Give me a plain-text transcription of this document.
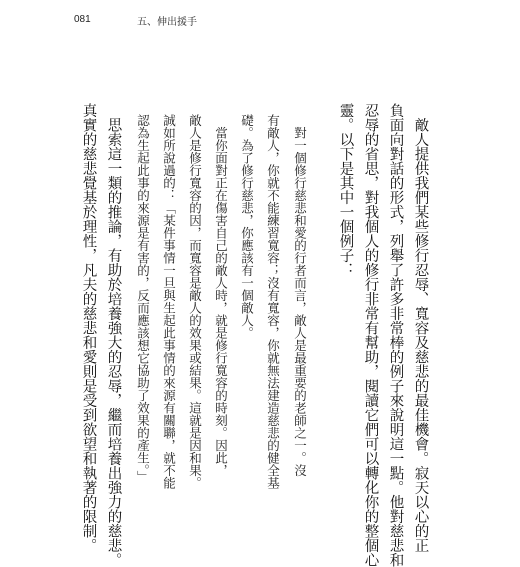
081	五、伸出援手
　敵人提供我們某些修行忍辱、寬容及慈悲的最佳機會。寂天以心的正
負面向對話的形式，列舉了許多非常棒的例子來說明這一點。他對慈悲和
忍辱的省思，對我個人的修行非常有幫助，閱讀它們可以轉化你的整個心
靈。以下是其中一個例子：
　對一個修行慈悲和愛的行者而言，敵人是最重要的老師之一。沒
有敵人，你就不能練習寬容；沒有寬容，你就無法建造慈悲的健全基
礎。為了修行慈悲，你應該有一個敵人。
　當你面對正在傷害自己的敵人時，就是修行寬容的時刻。因此，
敵人是修行寬容的因，而寬容是敵人的效果或結果。這就是因和果。
誠如所說過的：「某件事情一旦與生起此事情的來源有關聯，就不能
認為生起此事的來源是有害的，反而應該想它協助了效果的產生。」
　思索這一類的推論，有助於培養強大的忍辱，繼而培養出強力的慈悲。
真實的慈悲覺基於理性，凡夫的慈悲和愛則是受到欲望和執著的限制。
